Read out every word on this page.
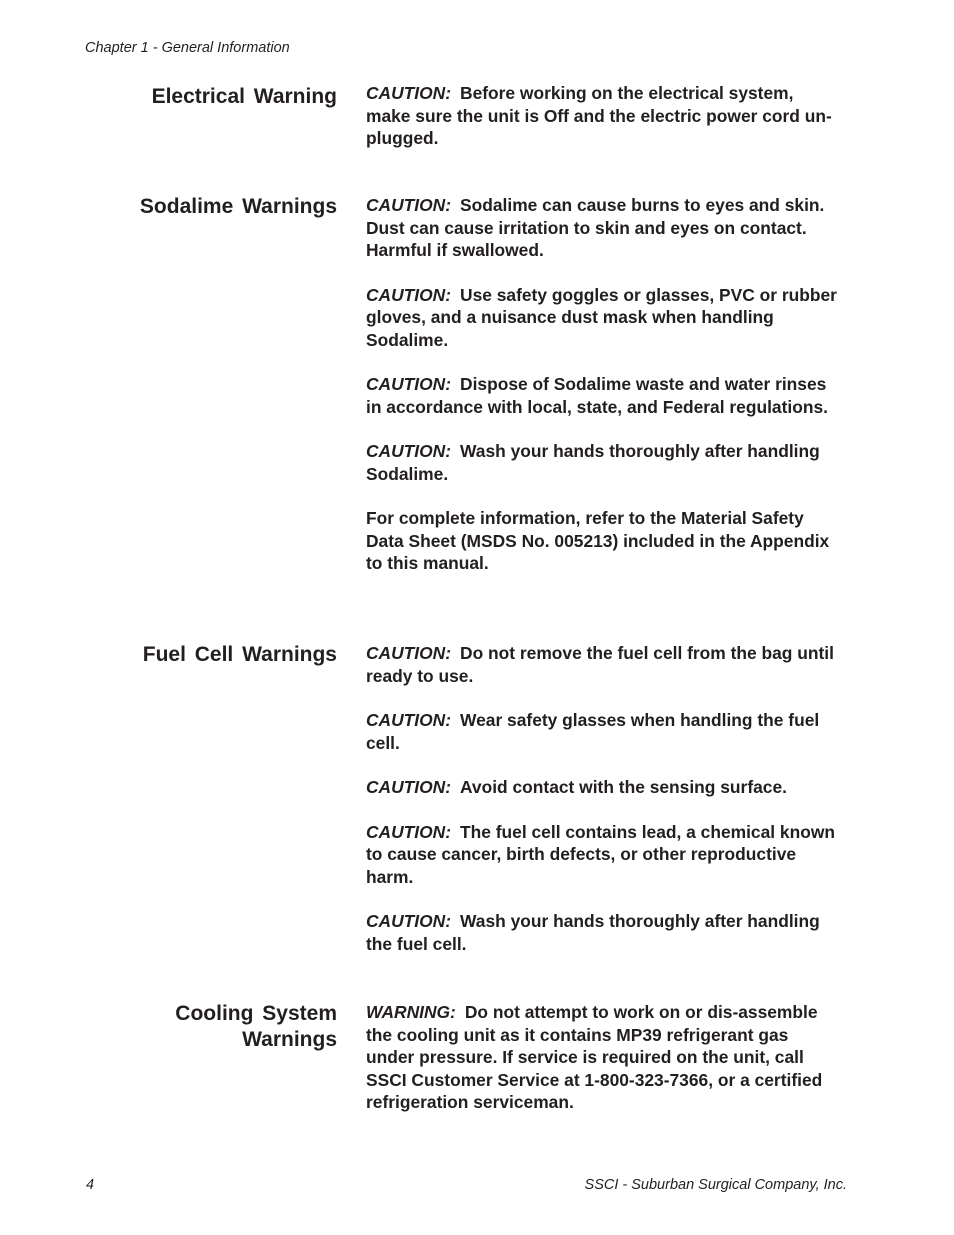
Chapter 1 - General Information
Electrical Warning CAUTION: Before working on the electrical system, make sure the unit is Off and the electric power cord un-plugged.

Sodalime Warnings CAUTION: Sodalime can cause burns to eyes and skin. Dust can cause irritation to skin and eyes on contact. Harmful if swallowed.

CAUTION: Use safety goggles or glasses, PVC or rubber gloves, and a nuisance dust mask when handling Sodalime.

CAUTION: Dispose of Sodalime waste and water rinses in accordance with local, state, and Federal regulations.

CAUTION: Wash your hands thoroughly after handling Sodalime.

For complete information, refer to the Material Safety Data Sheet (MSDS No. 005213) included in the Appendix to this manual.

Fuel Cell Warnings CAUTION: Do not remove the fuel cell from the bag until ready to use.

CAUTION: Wear safety glasses when handling the fuel cell.

CAUTION: Avoid contact with the sensing surface.

CAUTION: The fuel cell contains lead, a chemical known to cause cancer, birth defects, or other reproductive harm.

CAUTION: Wash your hands thoroughly after handling the fuel cell.

Cooling System
Warnings

WARNING: Do not attempt to work on or dis-assemble the cooling unit as it contains MP39 refrigerant gas under pressure. If service is required on the unit, call SSCI Customer Service at 1-800-323-7366, or a certified refrigeration serviceman.

4	SSCI - Suburban Surgical Company, Inc.
